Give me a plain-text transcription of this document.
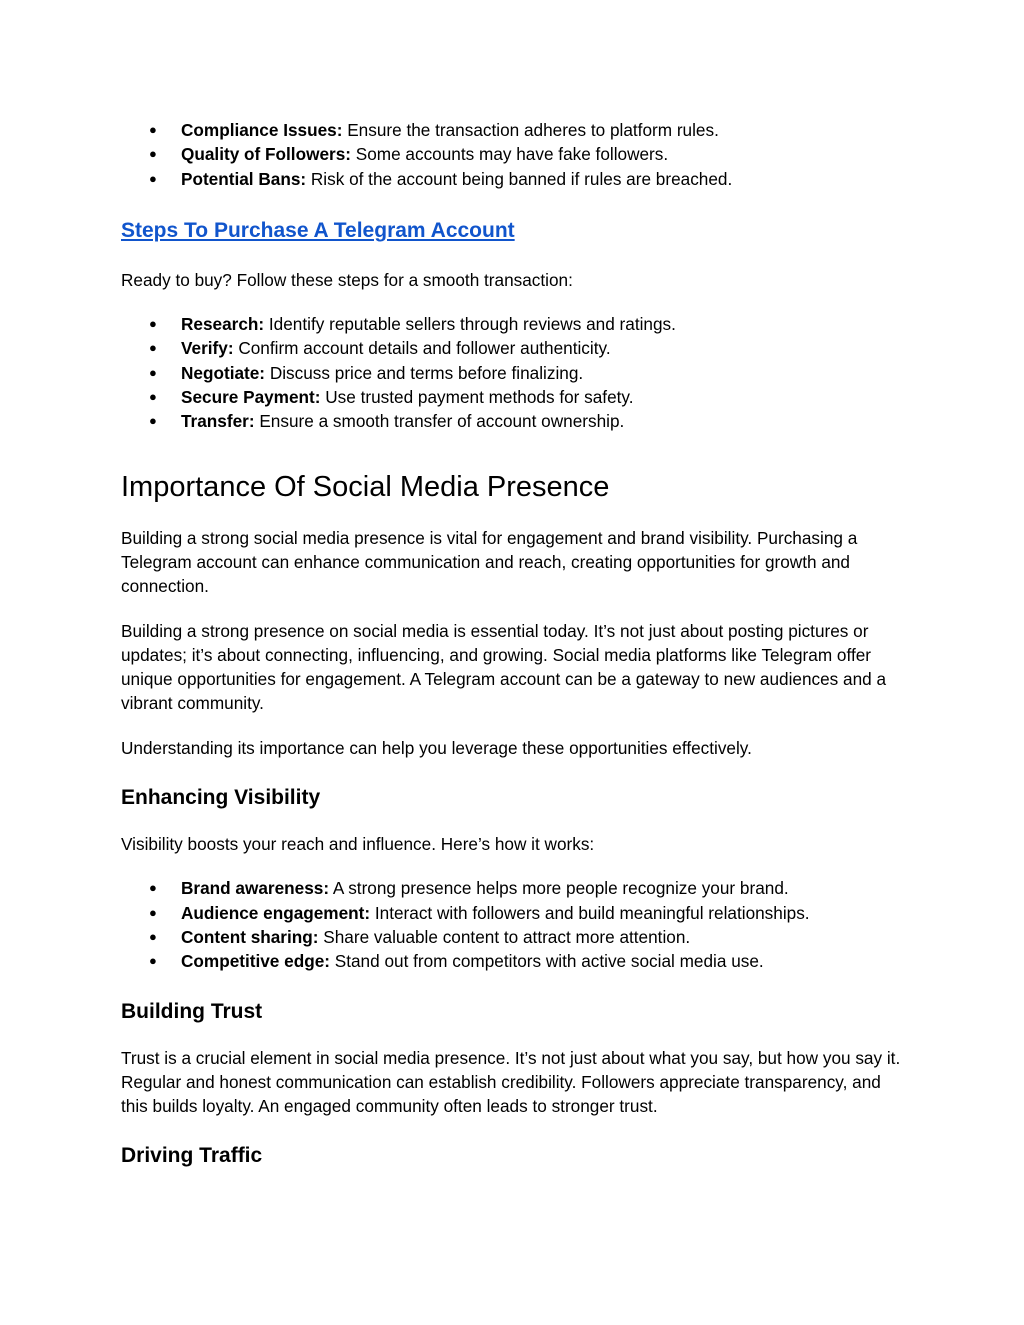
● Compliance Issues: Ensure the transaction adheres to platform rules.
● Quality of Followers: Some accounts may have fake followers.
● Potential Bans: Risk of the account being banned if rules are breached.
Steps To Purchase A Telegram Account

Ready to buy? Follow these steps for a smooth transaction:

● Research: Identify reputable sellers through reviews and ratings.
● Verify: Confirm account details and follower authenticity.
● Negotiate: Discuss price and terms before finalizing.
● Secure Payment: Use trusted payment methods for safety.
● Transfer: Ensure a smooth transfer of account ownership.
Importance Of Social Media Presence

Building a strong social media presence is vital for engagement and brand visibility. Purchasing a Telegram account can enhance communication and reach, creating opportunities for growth and connection.

Building a strong presence on social media is essential today. It’s not just about posting pictures or updates; it’s about connecting, influencing, and growing. Social media platforms like Telegram offer unique opportunities for engagement. A Telegram account can be a gateway to new audiences and a vibrant community.

Understanding its importance can help you leverage these opportunities effectively.

Enhancing Visibility

Visibility boosts your reach and influence. Here’s how it works:

● Brand awareness: A strong presence helps more people recognize your brand.
● Audience engagement: Interact with followers and build meaningful relationships.
● Content sharing: Share valuable content to attract more attention.
● Competitive edge: Stand out from competitors with active social media use.
Building Trust

Trust is a crucial element in social media presence. It’s not just about what you say, but how you say it. Regular and honest communication can establish credibility. Followers appreciate transparency, and this builds loyalty. An engaged community often leads to stronger trust.

Driving Traffic
